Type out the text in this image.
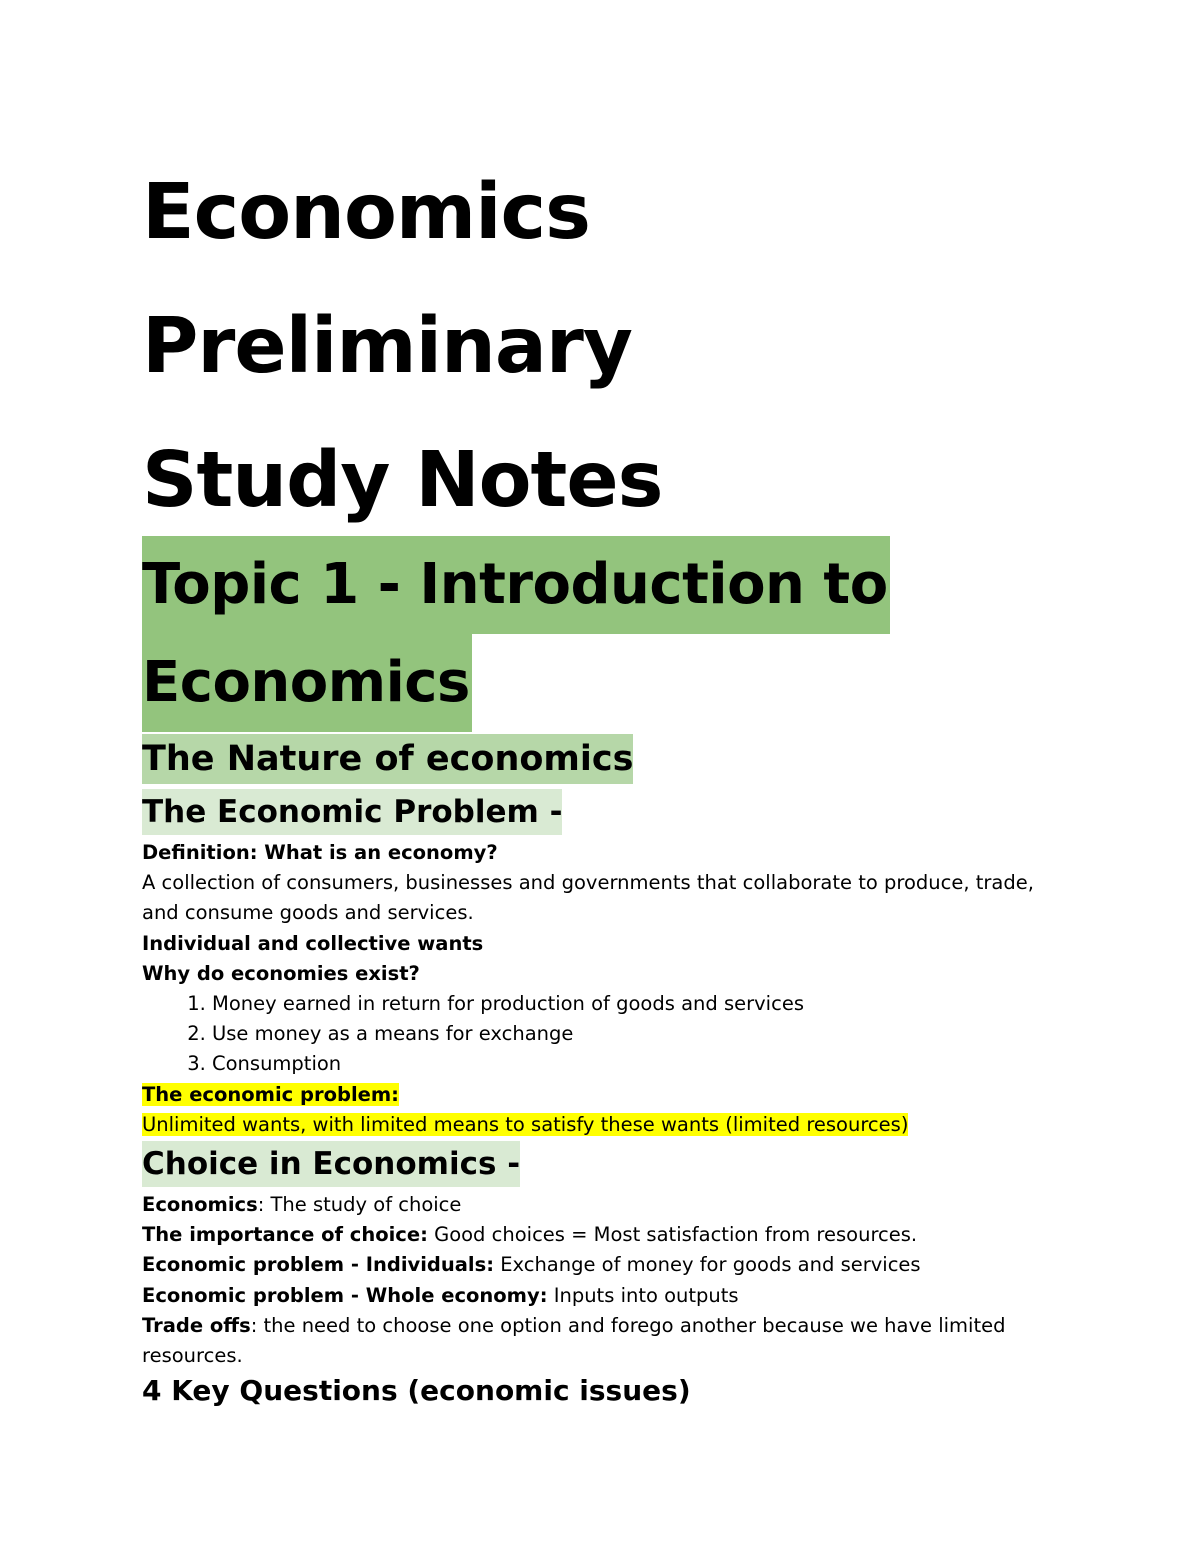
Economics
Preliminary
Study Notes
Topic 1 - Introduction to
Economics
The Nature of economics
The Economic Problem -

Definition: What is an economy?

A collection of consumers, businesses and governments that collaborate to produce, trade, and consume goods and services.

Individual and collective wants

Why do economies exist?

1. Money earned in return for production of goods and services
2. Use money as a means for exchange
3. Consumption

The economic problem:

Unlimited wants, with limited means to satisfy these wants (limited resources)

Choice in Economics -

Economics: The study of choice

The importance of choice: Good choices = Most satisfaction from resources.

Economic problem - Individuals: Exchange of money for goods and services

Economic problem - Whole economy: Inputs into outputs

Trade offs: the need to choose one option and forego another because we have limited resources.

4 Key Questions (economic issues)
